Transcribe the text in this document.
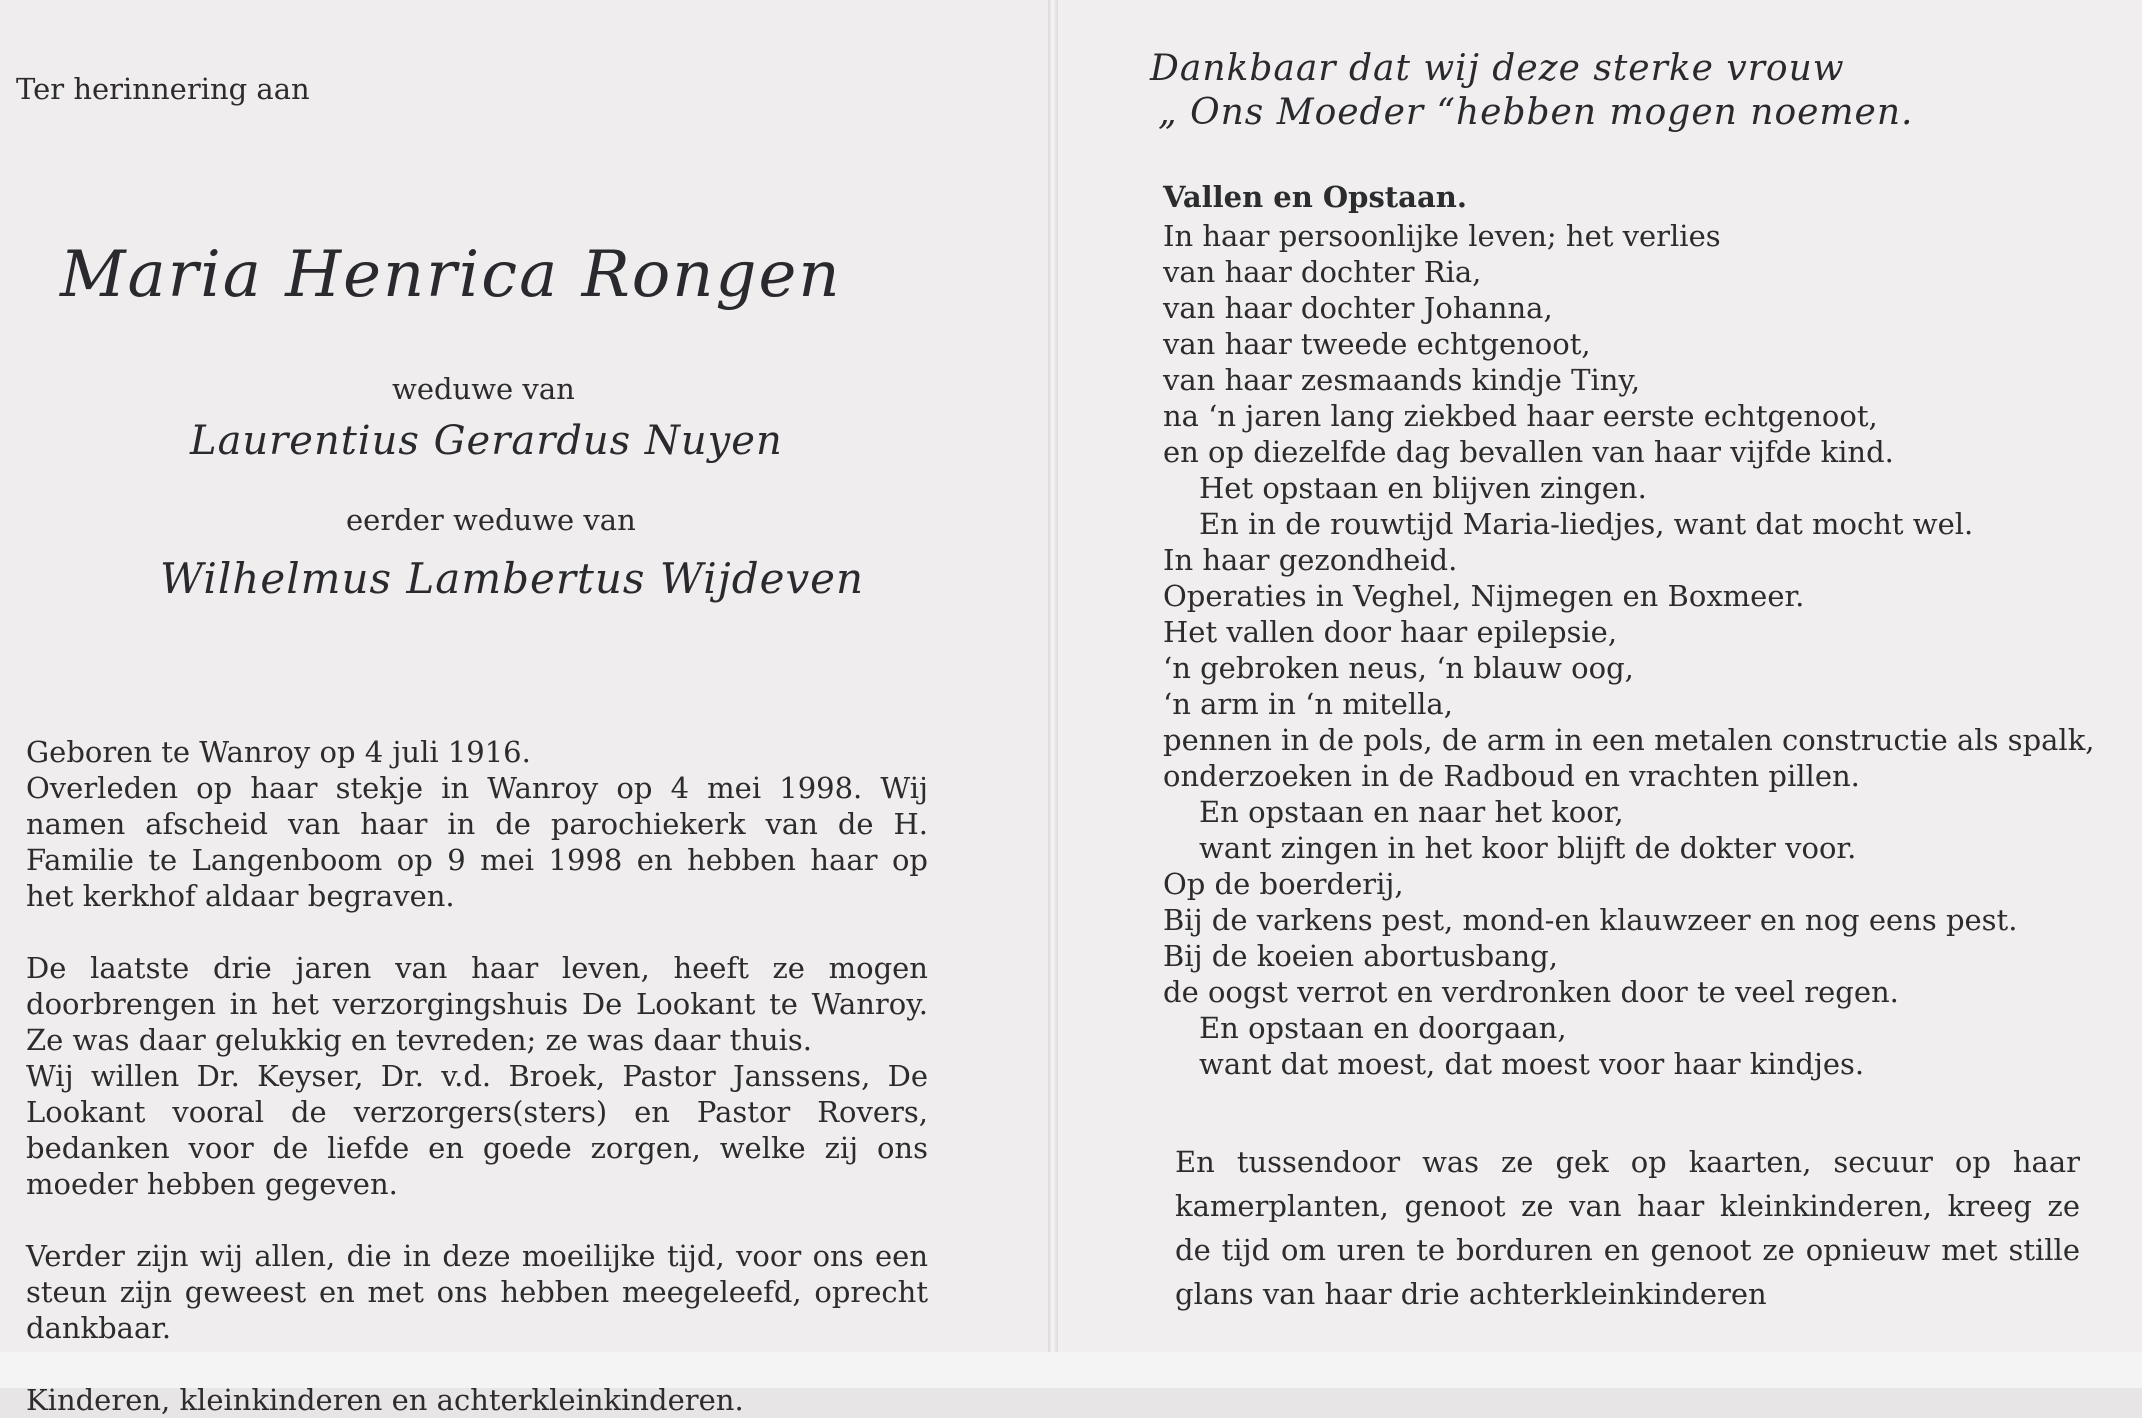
Ter herinnering aan

Maria Henrica Rongen

weduwe van

Laurentius Gerardus Nuyen

eerder weduwe van

Wilhelmus Lambertus Wijdeven

Geboren te Wanroy op 4 juli 1916.

Overleden op haar stekje in Wanroy op 4 mei 1998. Wij namen afscheid van haar in de parochiekerk van de H. Familie te Langenboom op 9 mei 1998 en hebben haar op het kerkhof aldaar begraven.

De laatste drie jaren van haar leven, heeft ze mogen doorbrengen in het verzorgingshuis De Lookant te Wanroy. Ze was daar gelukkig en tevreden; ze was daar thuis.

Wij willen Dr. Keyser, Dr. v.d. Broek, Pastor Janssens, De Lookant vooral de verzorgers(sters) en Pastor Rovers, bedanken voor de liefde en goede zorgen, welke zij ons moeder hebben gegeven.

Verder zijn wij allen, die in deze moeilijke tijd, voor ons een steun zijn geweest en met ons hebben meegeleefd, oprecht dankbaar.

Kinderen, kleinkinderen en achterkleinkinderen.

Dankbaar dat wij deze sterke vrouw

„ Ons Moeder “hebben mogen noemen.

Vallen en Opstaan.

In haar persoonlijke leven; het verlies
van haar dochter Ria,
van haar dochter Johanna,
van haar tweede echtgenoot,
van haar zesmaands kindje Tiny,
na ‘n jaren lang ziekbed haar eerste echtgenoot,
en op diezelfde dag bevallen van haar vijfde kind.
Het opstaan en blijven zingen.
En in de rouwtijd Maria-liedjes, want dat mocht wel.
In haar gezondheid.
Operaties in Veghel, Nijmegen en Boxmeer.
Het vallen door haar epilepsie,
‘n gebroken neus, ‘n blauw oog,
‘n arm in ‘n mitella,
pennen in de pols, de arm in een metalen constructie als spalk,
onderzoeken in de Radboud en vrachten pillen.
En opstaan en naar het koor,
want zingen in het koor blijft de dokter voor.
Op de boerderij,
Bij de varkens pest, mond-en klauwzeer en nog eens pest.
Bij de koeien abortusbang,
de oogst verrot en verdronken door te veel regen.
En opstaan en doorgaan,
want dat moest, dat moest voor haar kindjes.

En tussendoor was ze gek op kaarten, secuur op haar kamerplanten, genoot ze van haar kleinkinderen, kreeg ze de tijd om uren te borduren en genoot ze opnieuw met stille glans van haar drie achterkleinkinderen
